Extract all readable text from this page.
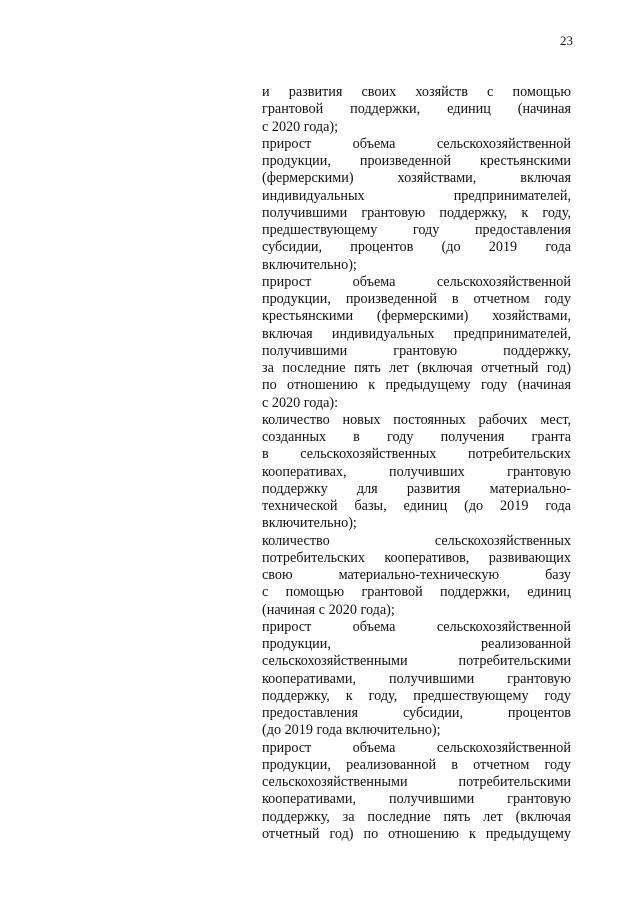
23
и развития своих хозяйств с помощью
грантовой поддержки, единиц (начиная
с 2020 года);
прирост объема сельскохозяйственной
продукции, произведенной крестьянскими
(фермерскими) хозяйствами, включая
индивидуальных предпринимателей,
получившими грантовую поддержку, к году,
предшествующему году предоставления
субсидии, процентов (до 2019 года
включительно);
прирост объема сельскохозяйственной
продукции, произведенной в отчетном году
крестьянскими (фермерскими) хозяйствами,
включая индивидуальных предпринимателей,
получившими грантовую поддержку,
за последние пять лет (включая отчетный год)
по отношению к предыдущему году (начиная
с 2020 года):
количество новых постоянных рабочих мест,
созданных в году получения гранта
в сельскохозяйственных потребительских
кооперативах, получивших грантовую
поддержку для развития материально-
технической базы, единиц (до 2019 года
включительно);
количество сельскохозяйственных
потребительских кооперативов, развивающих
свою материально-техническую базу
с помощью грантовой поддержки, единиц
(начиная с 2020 года);
прирост объема сельскохозяйственной
продукции, реализованной
сельскохозяйственными потребительскими
кооперативами, получившими грантовую
поддержку, к году, предшествующему году
предоставления субсидии, процентов
(до 2019 года включительно);
прирост объема сельскохозяйственной
продукции, реализованной в отчетном году
сельскохозяйственными потребительскими
кооперативами, получившими грантовую
поддержку, за последние пять лет (включая
отчетный год) по отношению к предыдущему
